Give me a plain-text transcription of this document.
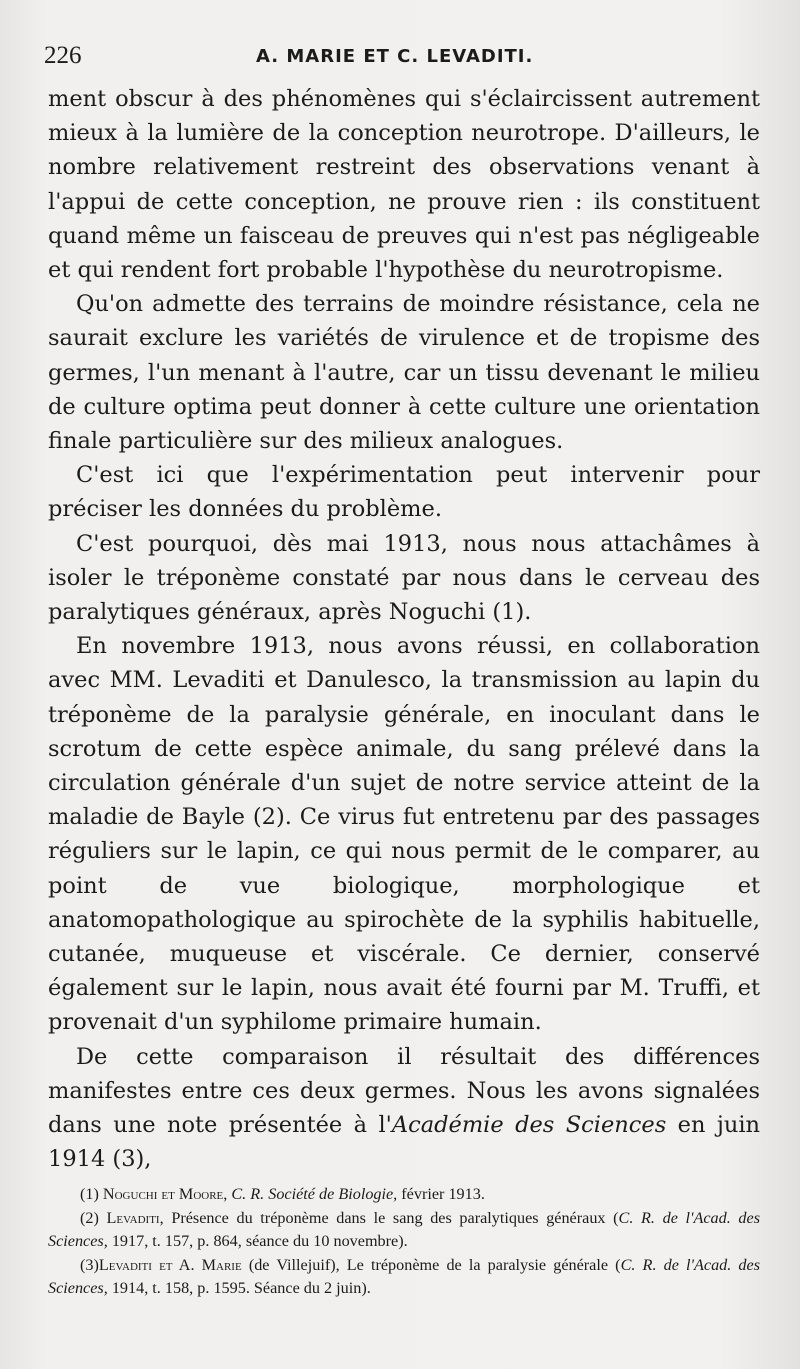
226	A. MARIE ET C. LEVADITI.

ment obscur à des phénomènes qui s'éclaircissent autrement mieux à la lumière de la conception neurotrope. D'ailleurs, le nombre relativement restreint des observations venant à l'appui de cette conception, ne prouve rien : ils constituent quand même un faisceau de preuves qui n'est pas négligeable et qui rendent fort probable l'hypothèse du neurotropisme.

Qu'on admette des terrains de moindre résistance, cela ne saurait exclure les variétés de virulence et de tropisme des germes, l'un menant à l'autre, car un tissu devenant le milieu de culture optima peut donner à cette culture une orientation finale particulière sur des milieux analogues.

C'est ici que l'expérimentation peut intervenir pour préciser les données du problème.

C'est pourquoi, dès mai 1913, nous nous attachâmes à isoler le tréponème constaté par nous dans le cerveau des paralytiques généraux, après Noguchi (1).

En novembre 1913, nous avons réussi, en collaboration avec MM. Levaditi et Danulesco, la transmission au lapin du tréponème de la paralysie générale, en inoculant dans le scrotum de cette espèce animale, du sang prélevé dans la circulation générale d'un sujet de notre service atteint de la maladie de Bayle (2). Ce virus fut entretenu par des passages réguliers sur le lapin, ce qui nous permit de le comparer, au point de vue biologique, morphologique et anatomopathologique au spirochète de la syphilis habituelle, cutanée, muqueuse et viscérale. Ce dernier, conservé également sur le lapin, nous avait été fourni par M. Truffi, et provenait d'un syphilome primaire humain.

De cette comparaison il résultait des différences manifestes entre ces deux germes. Nous les avons signalées dans une note présentée à l'Académie des Sciences en juin 1914 (3),

(1) Noguchi et Moore, C. R. Société de Biologie, février 1913.

(2) Levaditi, Présence du tréponème dans le sang des paralytiques généraux (C. R. de l'Acad. des Sciences, 1917, t. 157, p. 864, séance du 10 novembre).

(3)Levaditi et A. Marie (de Villejuif), Le tréponème de la paralysie générale (C. R. de l'Acad. des Sciences, 1914, t. 158, p. 1595. Séance du 2 juin).
